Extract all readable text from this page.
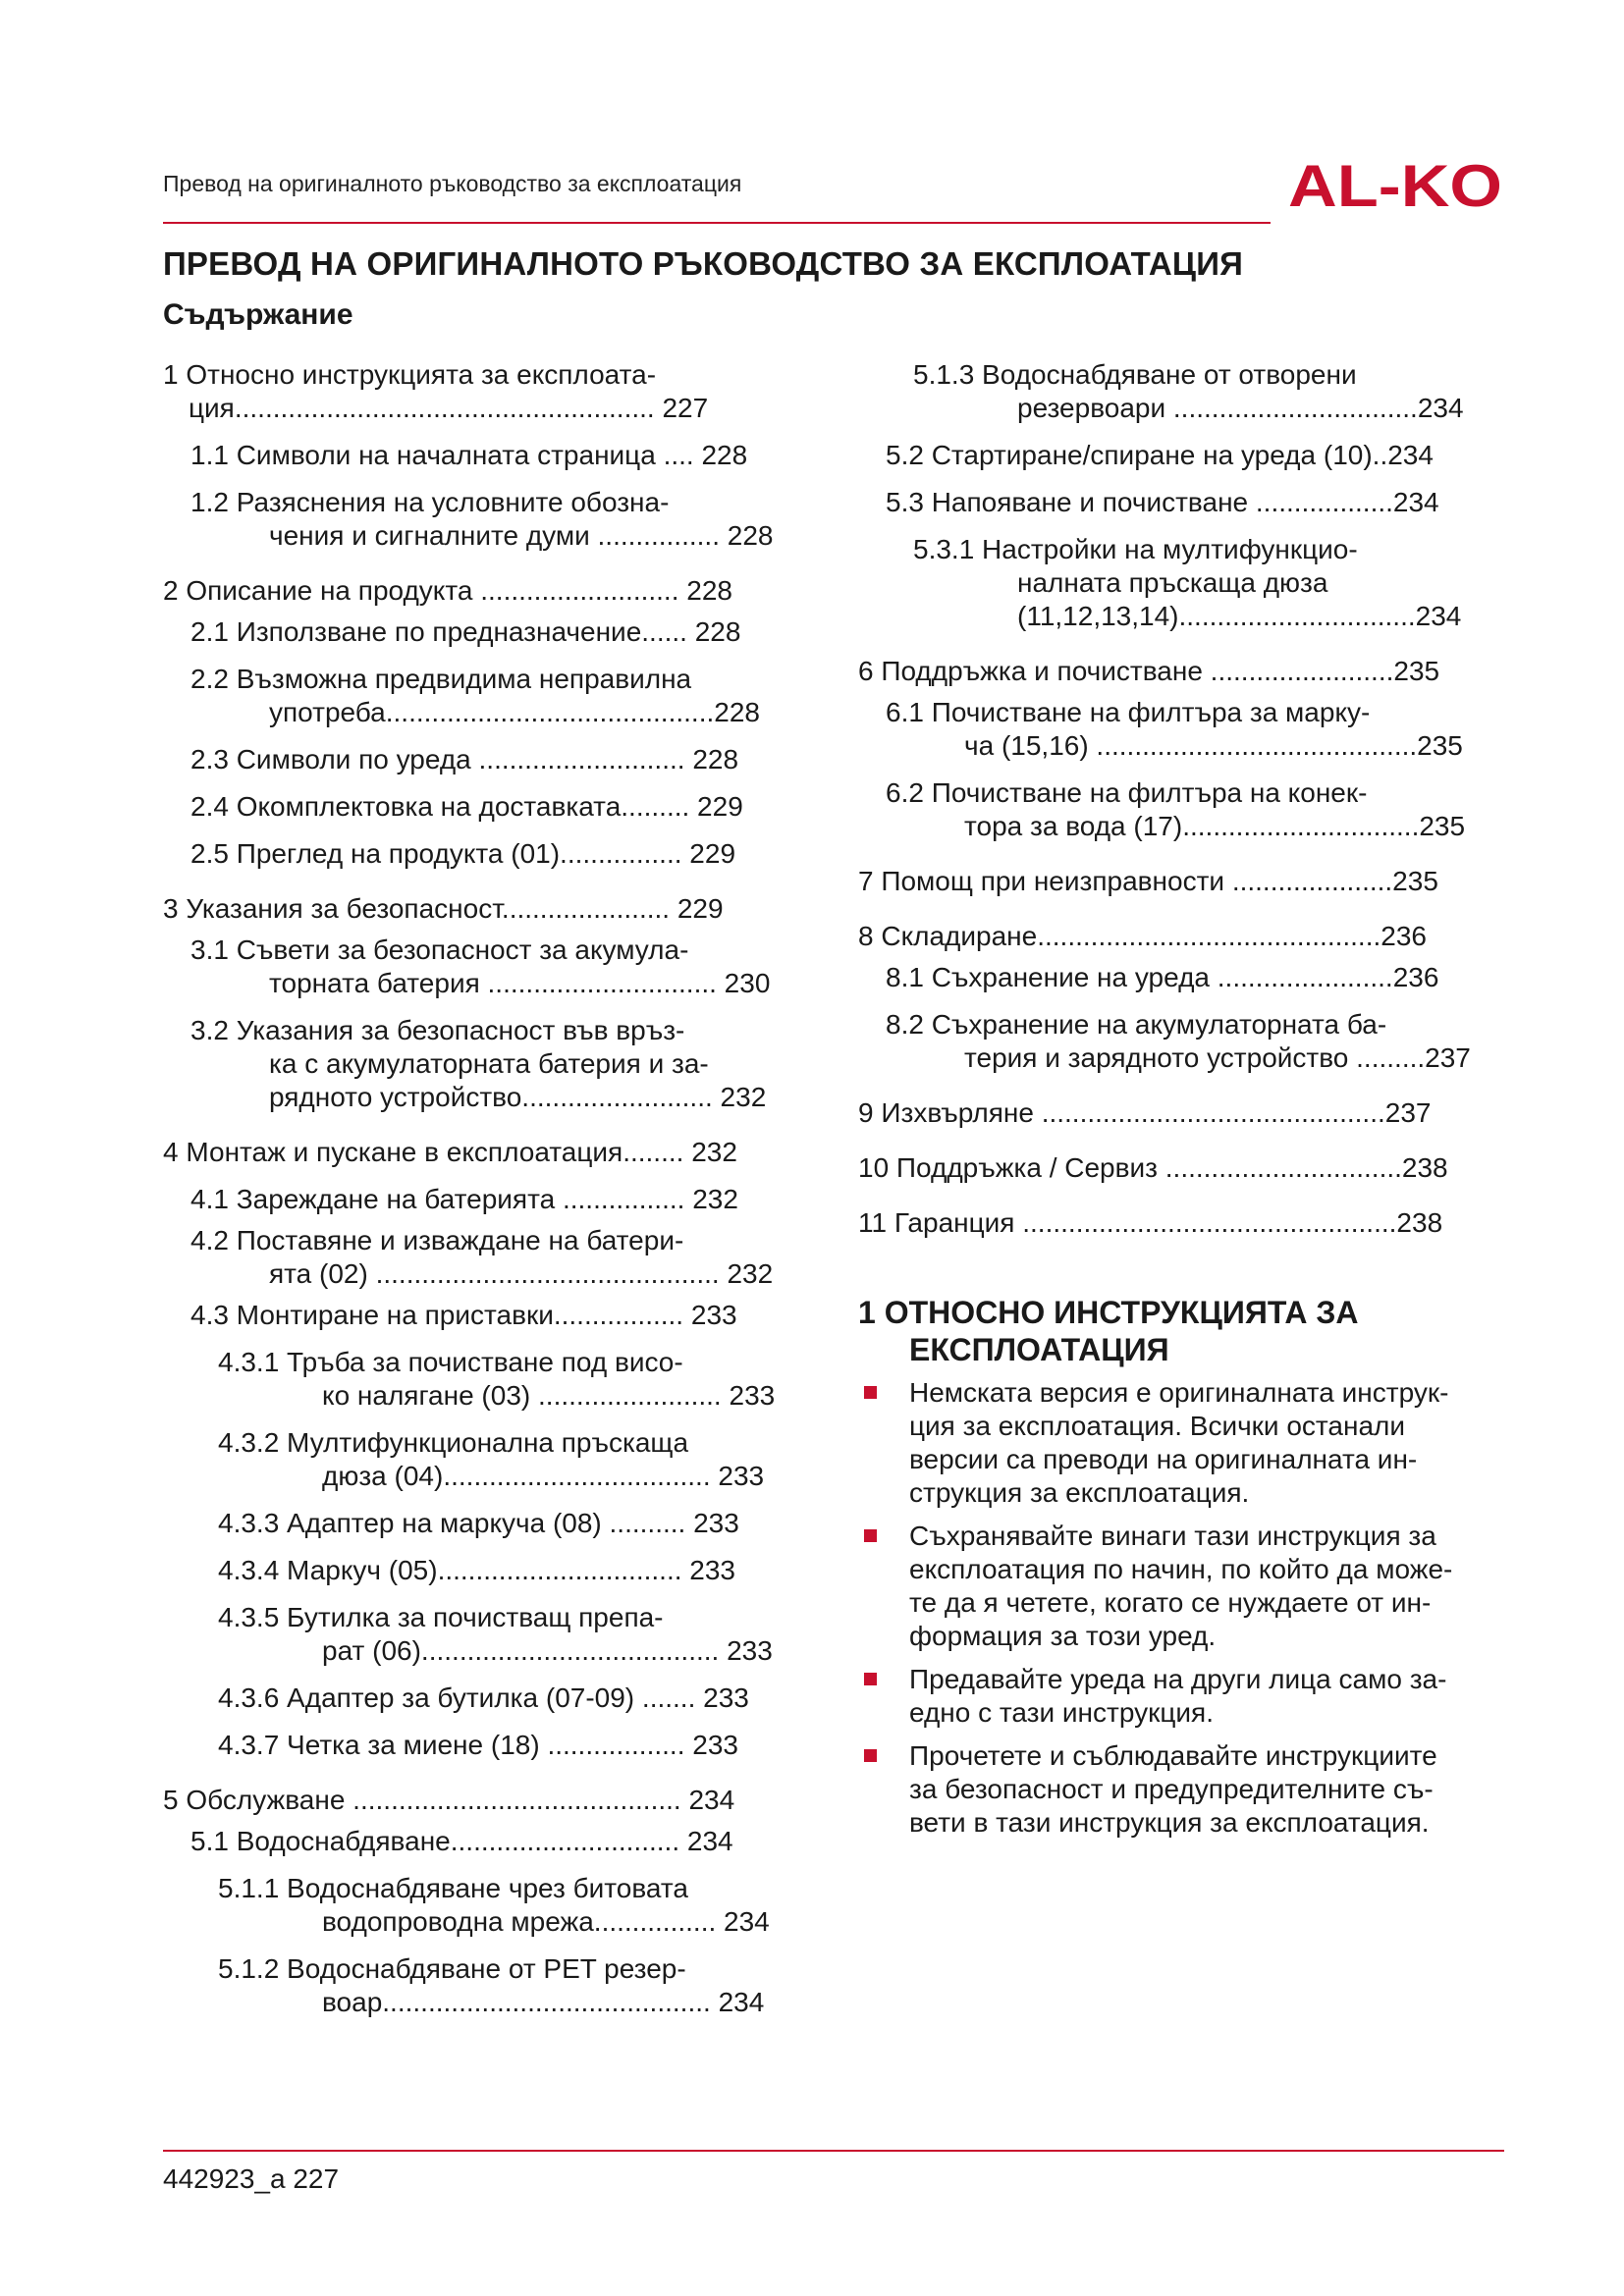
Превод на оригиналното ръководство за експлоатация	AL-KO
ПРЕВОД НА ОРИГИНАЛНОТО РЪКОВОДСТВО ЗА ЕКСПЛОАТАЦИЯ
Съдържание
1 Относно инструкцията за експлоата-
ция....................................................... 227
1.1 Символи на началната страница .... 228
1.2 Разяснения на условните обозна-
чения и сигналните думи ................ 228
2 Описание на продукта .......................... 228
2.1 Използване по предназначение...... 228
2.2 Възможна предвидима неправилна
употреба...........................................228
2.3 Символи по уреда ........................... 228
2.4 Окомплектовка на доставката......... 229
2.5 Преглед на продукта (01)................ 229
3 Указания за безопасност...................... 229
3.1 Съвети за безопасност за акумула-
торната батерия .............................. 230
3.2 Указания за безопасност във връз-
ка с акумулаторната батерия и за-
рядното устройство......................... 232
4 Монтаж и пускане в експлоатация........ 232
4.1 Зареждане на батерията ................ 232
4.2 Поставяне и изваждане на батери-
ята (02) ............................................. 232
4.3 Монтиране на приставки................. 233
4.3.1 Тръба за почистване под висо-
ко налягане (03) ........................ 233
4.3.2 Мултифункционална пръскаща
дюза (04)................................... 233
4.3.3 Адаптер на маркуча (08) .......... 233
4.3.4 Маркуч (05)................................ 233
4.3.5 Бутилка за почистващ препа-
рат (06)....................................... 233
4.3.6 Адаптер за бутилка (07-09) ....... 233
4.3.7 Четка за миене (18) .................. 233
5 Обслужване ........................................... 234
5.1 Водоснабдяване.............................. 234
5.1.1 Водоснабдяване чрез битовата
водопроводна мрежа................ 234
5.1.2 Водоснабдяване от PET резер-
воар........................................... 234
5.1.3 Водоснабдяване от отворени
резервоари ................................234
5.2 Стартиране/спиране на уреда (10)..234
5.3 Напояване и почистване ..................234
5.3.1 Настройки на мултифункцио-
налната пръскаща дюза
(11,12,13,14)...............................234
6 Поддръжка и почистване ........................235
6.1 Почистване на филтъра за марку-
ча (15,16) ..........................................235
6.2 Почистване на филтъра на конек-
тора за вода (17)...............................235
7 Помощ при неизправности .....................235
8 Складиране.............................................236
8.1 Съхранение на уреда .......................236
8.2 Съхранение на акумулаторната ба-
терия и зарядното устройство .........237
9 Изхвърляне .............................................237
10 Поддръжка / Сервиз ...............................238
11 Гаранция .................................................238
1 ОТНОСНО ИНСТРУКЦИЯТА ЗА
ЕКСПЛОАТАЦИЯ
Немската версия е оригиналната инструк-
ция за експлоатация. Всички останали
версии са преводи на оригиналната ин-
струкция за експлоатация.
Съхранявайте винаги тази инструкция за
експлоатация по начин, по който да може-
те да я четете, когато се нуждаете от ин-
формация за този уред.
Предавайте уреда на други лица само за-
едно с тази инструкция.
Прочетете и съблюдавайте инструкциите
за безопасност и предупредителните съ-
вети в тази инструкция за експлоатация.
442923_a 227
